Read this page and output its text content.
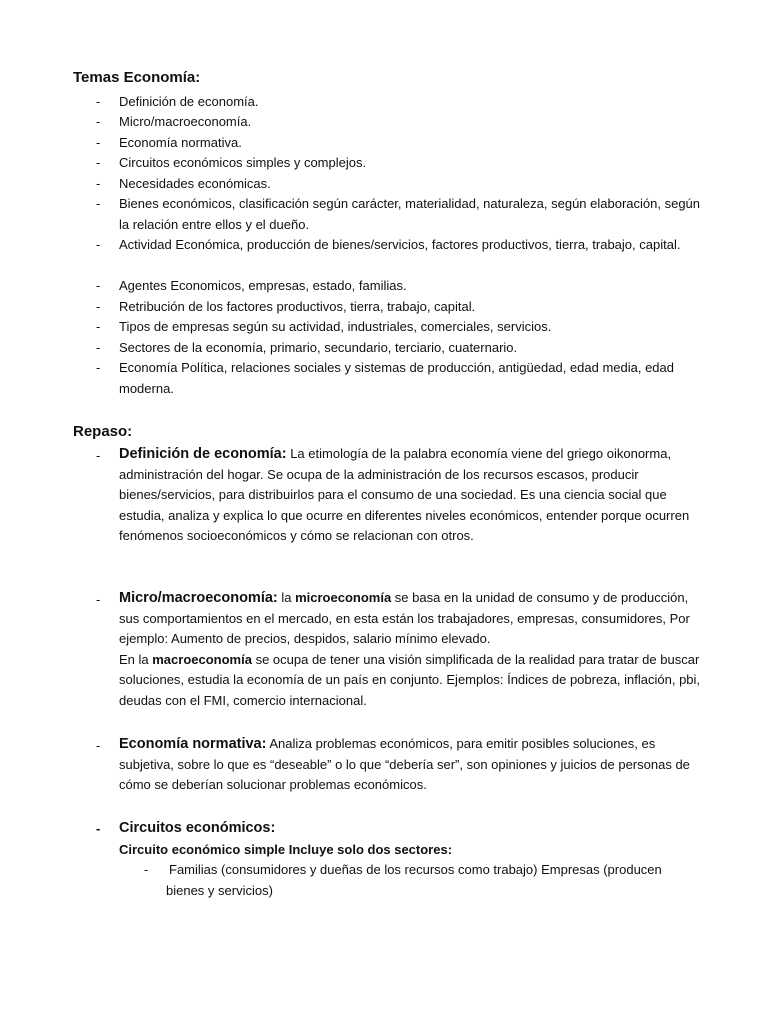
Temas Economía:
- Definición de economía.
- Micro/macroeconomía.
- Economía normativa.
- Circuitos económicos simples y complejos.
- Necesidades económicas.
- Bienes económicos, clasificación según carácter, materialidad, naturaleza, según elaboración, según la relación entre ellos y el dueño.
- Actividad Económica, producción de bienes/servicios, factores productivos, tierra, trabajo, capital.
- Agentes Economicos, empresas, estado, familias.
- Retribución de los factores productivos, tierra, trabajo, capital.
- Tipos de empresas según su actividad, industriales, comerciales, servicios.
- Sectores de la economía, primario, secundario, terciario, cuaternario.
- Economía Política, relaciones sociales y sistemas de producción, antigüedad, edad media, edad moderna.
Repaso:
- Definición de economía: La etimología de la palabra economía viene del griego oikonorma, administración del hogar. Se ocupa de la administración de los recursos escasos, producir bienes/servicios, para distribuirlos para el consumo de una sociedad. Es una ciencia social que estudia, analiza y explica lo que ocurre en diferentes niveles económicos, entender porque ocurren fenómenos socioeconómicos y cómo se relacionan con otros.
- Micro/macroeconomía: la microeconomía se basa en la unidad de consumo y de producción, sus comportamientos en el mercado, en esta están los trabajadores, empresas, consumidores, Por ejemplo: Aumento de precios, despidos, salario mínimo elevado.
En la macroeconomía se ocupa de tener una visión simplificada de la realidad para tratar de buscar soluciones, estudia la economía de un país en conjunto. Ejemplos: Índices de pobreza, inflación, pbi, deudas con el FMI, comercio internacional.
- Economía normativa: Analiza problemas económicos, para emitir posibles soluciones, es subjetiva, sobre lo que es “deseable” o lo que “debería ser”, son opiniones y juicios de personas de cómo se deberían solucionar problemas económicos.
- Circuitos económicos:
Circuito económico simple Incluye solo dos sectores:
- Familias (consumidores y dueñas de los recursos como trabajo) Empresas (producen bienes y servicios)
